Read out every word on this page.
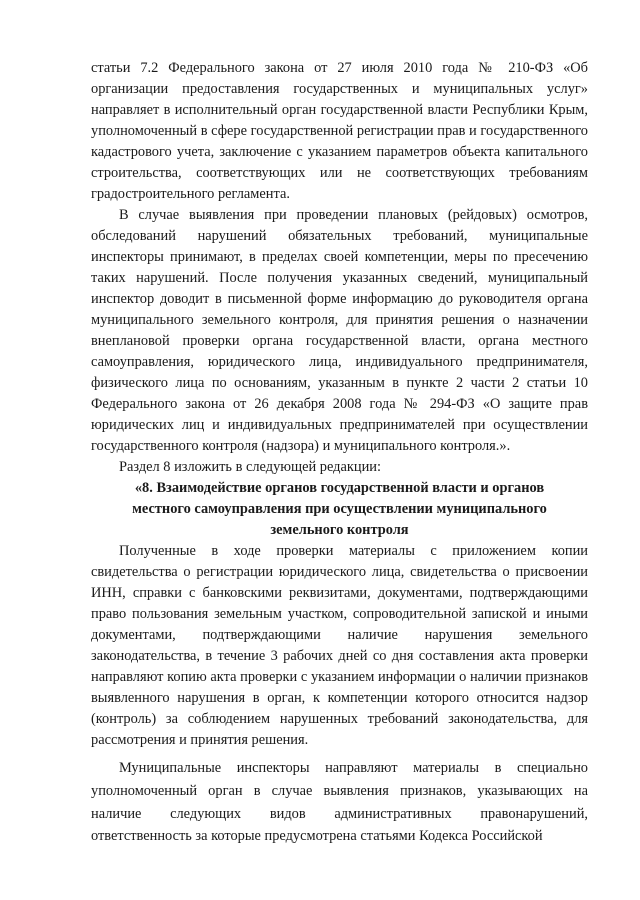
статьи 7.2 Федерального закона от 27 июля 2010 года № 210-ФЗ «Об организации предоставления государственных и муниципальных услуг» направляет в исполнительный орган государственной власти Республики Крым, уполномоченный в сфере государственной регистрации прав и государственного кадастрового учета, заключение с указанием параметров объекта капитального строительства, соответствующих или не соответствующих требованиям градостроительного регламента.

В случае выявления при проведении плановых (рейдовых) осмотров, обследований нарушений обязательных требований, муниципальные инспекторы принимают, в пределах своей компетенции, меры по пресечению таких нарушений. После получения указанных сведений, муниципальный инспектор доводит в письменной форме информацию до руководителя органа муниципального земельного контроля, для принятия решения о назначении внеплановой проверки органа государственной власти, органа местного самоуправления, юридического лица, индивидуального предпринимателя, физического лица по основаниям, указанным в пункте 2 части 2 статьи 10 Федерального закона от 26 декабря 2008 года № 294-ФЗ «О защите прав юридических лиц и индивидуальных предпринимателей при осуществлении государственного контроля (надзора) и муниципального контроля.».

Раздел 8 изложить в следующей редакции:

«8. Взаимодействие органов государственной власти и органов местного самоуправления при осуществлении муниципального земельного контроля

Полученные в ходе проверки материалы с приложением копии свидетельства о регистрации юридического лица, свидетельства о присвоении ИНН, справки с банковскими реквизитами, документами, подтверждающими право пользования земельным участком, сопроводительной запиской и иными документами, подтверждающими наличие нарушения земельного законодательства, в течение 3 рабочих дней со дня составления акта проверки направляют копию акта проверки с указанием информации о наличии признаков выявленного нарушения в орган, к компетенции которого относится надзор (контроль) за соблюдением нарушенных требований законодательства, для рассмотрения и принятия решения.

Муниципальные инспекторы направляют материалы в специально уполномоченный орган в случае выявления признаков, указывающих на наличие следующих видов административных правонарушений, ответственность за которые предусмотрена статьями Кодекса Российской
